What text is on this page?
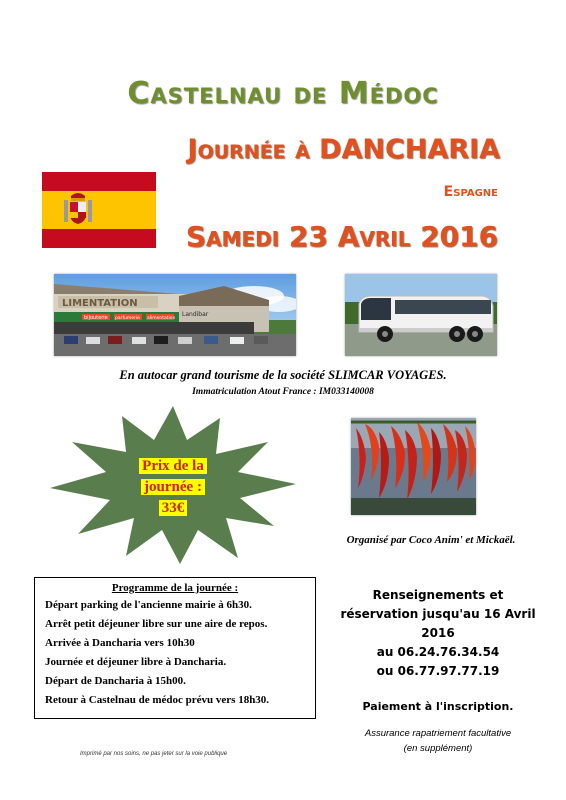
Castelnau de Médoc
Journée à DANCHARIA
Espagne
Samedi 23 Avril 2016
LIMENTATION
bijouterie parfumerie alimentation
Landibar
En autocar grand tourisme de la société SLIMCAR VOYAGES.
Immatriculation Atout France : IM033140008
Prix de la
journée :
33€
Organisé par Coco Anim' et Mickaël.
Programme de la journée :
Départ parking de l'ancienne mairie à 6h30.
Arrêt petit déjeuner libre sur une aire de repos.
Arrivée à Dancharia vers 10h30
Journée et déjeuner libre à Dancharia.
Départ de Dancharia à 15h00.
Retour à Castelnau de médoc prévu vers 18h30.
Renseignements et
réservation jusqu'au 16 Avril
2016
au 06.24.76.34.54
ou 06.77.97.77.19
Paiement à l'inscription.
Assurance rapatriement facultative
(en supplément)
Imprimé par nos soins, ne pas jeter sur la voie publique
